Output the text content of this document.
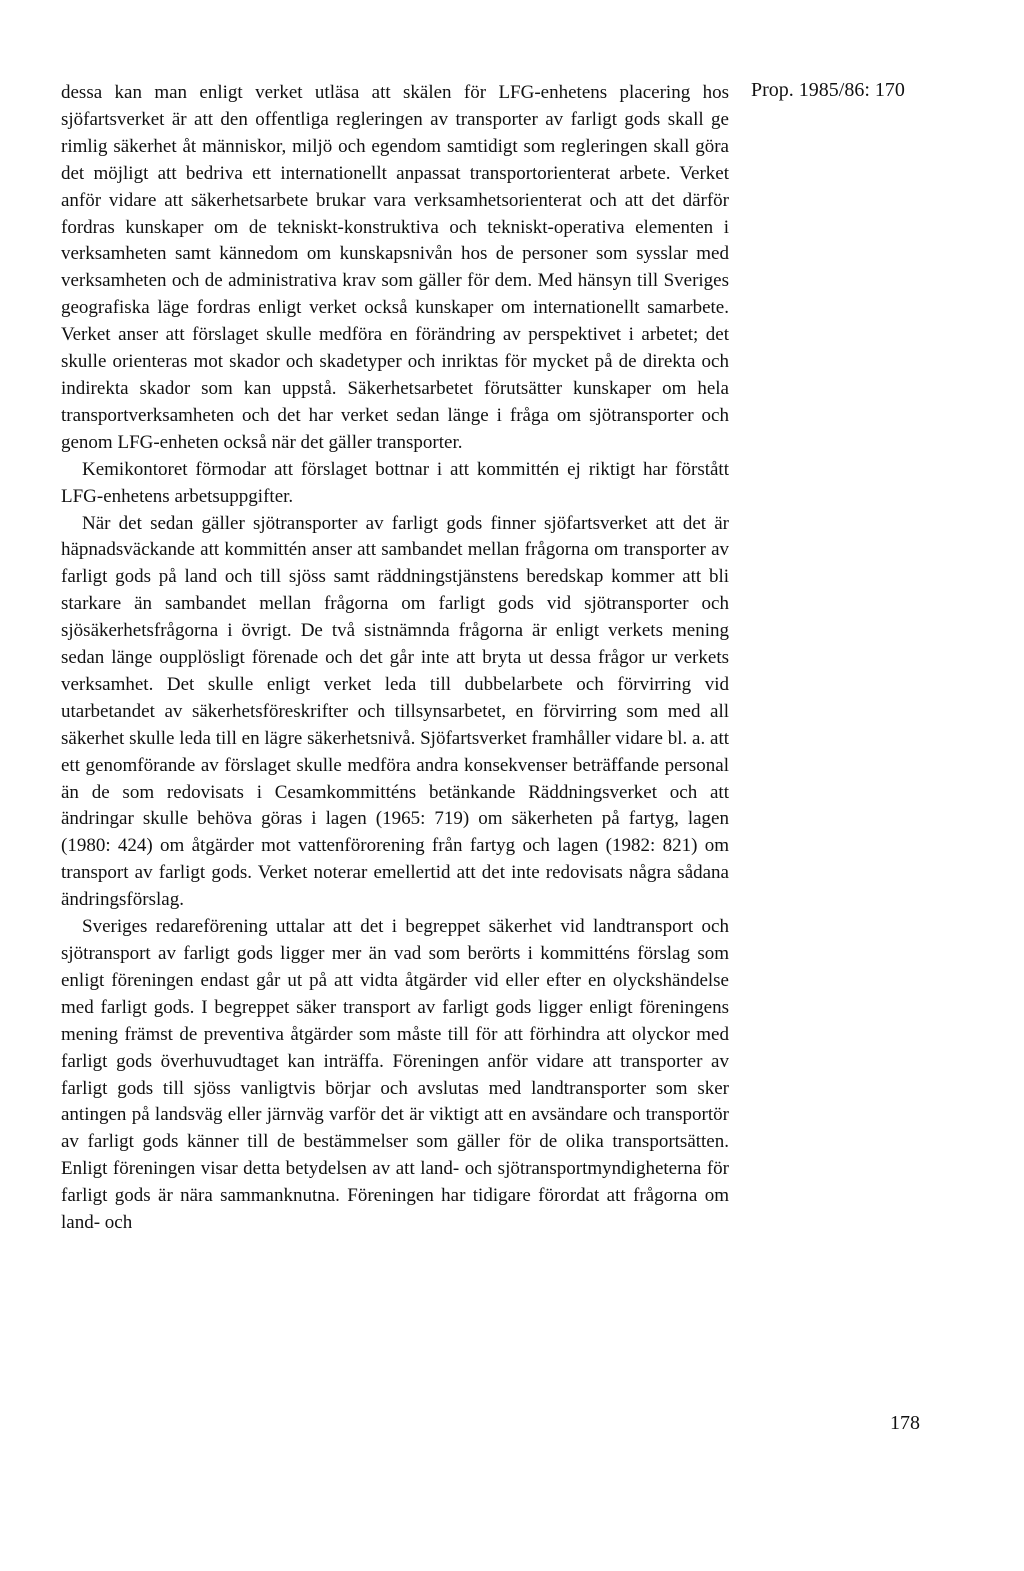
Prop. 1985/86: 170

dessa kan man enligt verket utläsa att skälen för LFG-enhetens placering hos sjöfartsverket är att den offentliga regleringen av transporter av farligt gods skall ge rimlig säkerhet åt människor, miljö och egendom samtidigt som regleringen skall göra det möjligt att bedriva ett internationellt anpassat transportorienterat arbete. Verket anför vidare att säkerhetsarbete brukar vara verksamhetsorienterat och att det därför fordras kunskaper om de tekniskt-konstruktiva och tekniskt-operativa elementen i verksamheten samt kännedom om kunskapsnivån hos de personer som sysslar med verksamheten och de administrativa krav som gäller för dem. Med hänsyn till Sveriges geografiska läge fordras enligt verket också kunskaper om internationellt samarbete. Verket anser att förslaget skulle medföra en förändring av perspektivet i arbetet; det skulle orienteras mot skador och skadetyper och inriktas för mycket på de direkta och indirekta skador som kan uppstå. Säkerhetsarbetet förutsätter kunskaper om hela transportverksamheten och det har verket sedan länge i fråga om sjötransporter och genom LFG-enheten också när det gäller transporter.

Kemikontoret förmodar att förslaget bottnar i att kommittén ej riktigt har förstått LFG-enhetens arbetsuppgifter.

När det sedan gäller sjötransporter av farligt gods finner sjöfartsverket att det är häpnadsväckande att kommittén anser att sambandet mellan frågorna om transporter av farligt gods på land och till sjöss samt räddningstjänstens beredskap kommer att bli starkare än sambandet mellan frågorna om farligt gods vid sjötransporter och sjösäkerhetsfrågorna i övrigt. De två sistnämnda frågorna är enligt verkets mening sedan länge oupplösligt förenade och det går inte att bryta ut dessa frågor ur verkets verksamhet. Det skulle enligt verket leda till dubbelarbete och förvirring vid utarbetandet av säkerhetsföreskrifter och tillsynsarbetet, en förvirring som med all säkerhet skulle leda till en lägre säkerhetsnivå. Sjöfartsverket framhåller vidare bl. a. att ett genomförande av förslaget skulle medföra andra konsekvenser beträffande personal än de som redovisats i Cesamkommitténs betänkande Räddningsverket och att ändringar skulle behöva göras i lagen (1965: 719) om säkerheten på fartyg, lagen (1980: 424) om åtgärder mot vattenförorening från fartyg och lagen (1982: 821) om transport av farligt gods. Verket noterar emellertid att det inte redovisats några sådana ändringsförslag.

Sveriges redareförening uttalar att det i begreppet säkerhet vid landtransport och sjötransport av farligt gods ligger mer än vad som berörts i kommitténs förslag som enligt föreningen endast går ut på att vidta åtgärder vid eller efter en olyckshändelse med farligt gods. I begreppet säker transport av farligt gods ligger enligt föreningens mening främst de preventiva åtgärder som måste till för att förhindra att olyckor med farligt gods överhuvudtaget kan inträffa. Föreningen anför vidare att transporter av farligt gods till sjöss vanligtvis börjar och avslutas med landtransporter som sker antingen på landsväg eller järnväg varför det är viktigt att en avsändare och transportör av farligt gods känner till de bestämmelser som gäller för de olika transportsätten. Enligt föreningen visar detta betydelsen av att land- och sjötransportmyndigheterna för farligt gods är nära sammanknutna. Föreningen har tidigare förordat att frågorna om land- och

178
